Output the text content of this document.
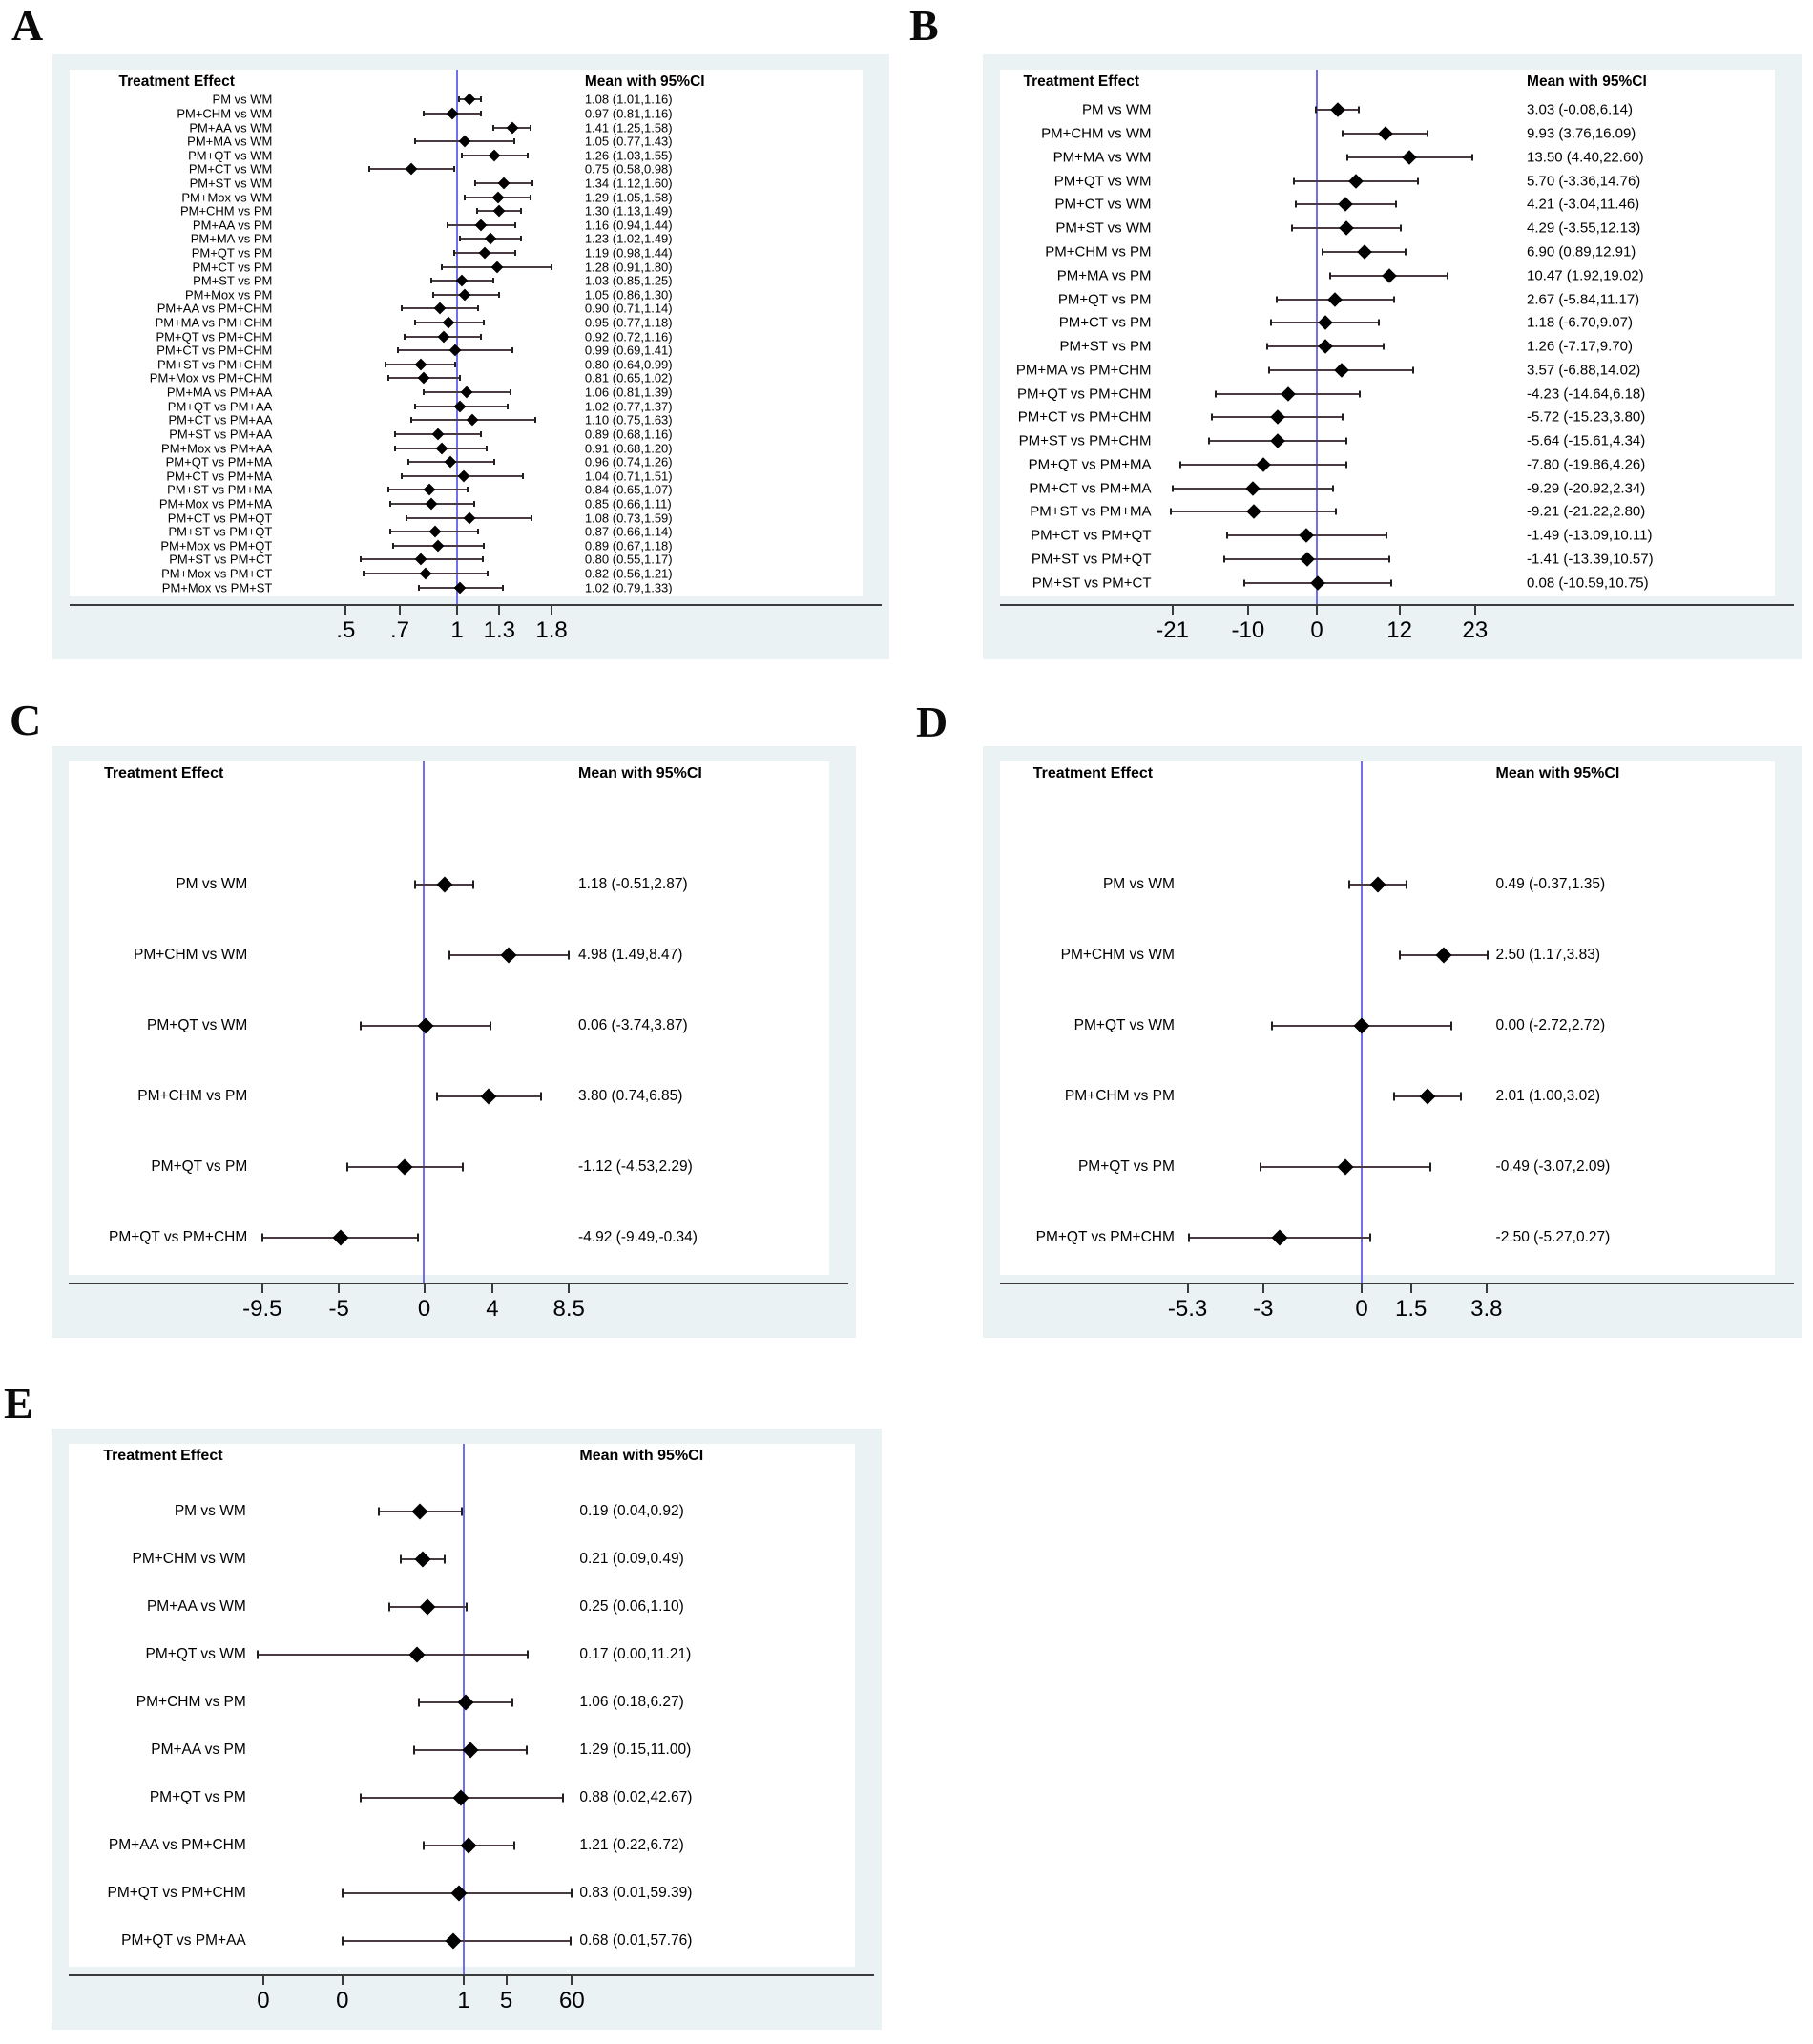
A	B
C	D
E
Treatment Effect	Mean with 95%CI
PM vs WM	1.08 (1.01,1.16)
PM+CHM vs WM	0.97 (0.81,1.16)
PM+AA vs WM	1.41 (1.25,1.58)
PM+MA vs WM	1.05 (0.77,1.43)
PM+QT vs WM	1.26 (1.03,1.55)
PM+CT vs WM	0.75 (0.58,0.98)
PM+ST vs WM	1.34 (1.12,1.60)
PM+Mox vs WM	1.29 (1.05,1.58)
PM+CHM vs PM	1.30 (1.13,1.49)
PM+AA vs PM	1.16 (0.94,1.44)
PM+MA vs PM	1.23 (1.02,1.49)
PM+QT vs PM	1.19 (0.98,1.44)
PM+CT vs PM	1.28 (0.91,1.80)
PM+ST vs PM	1.03 (0.85,1.25)
PM+Mox vs PM	1.05 (0.86,1.30)
PM+AA vs PM+CHM	0.90 (0.71,1.14)
PM+MA vs PM+CHM	0.95 (0.77,1.18)
PM+QT vs PM+CHM	0.92 (0.72,1.16)
PM+CT vs PM+CHM	0.99 (0.69,1.41)
PM+ST vs PM+CHM	0.80 (0.64,0.99)
PM+Mox vs PM+CHM	0.81 (0.65,1.02)
PM+MA vs PM+AA	1.06 (0.81,1.39)
PM+QT vs PM+AA	1.02 (0.77,1.37)
PM+CT vs PM+AA	1.10 (0.75,1.63)
PM+ST vs PM+AA	0.89 (0.68,1.16)
PM+Mox vs PM+AA	0.91 (0.68,1.20)
PM+QT vs PM+MA	0.96 (0.74,1.26)
PM+CT vs PM+MA	1.04 (0.71,1.51)
PM+ST vs PM+MA	0.84 (0.65,1.07)
PM+Mox vs PM+MA	0.85 (0.66,1.11)
PM+CT vs PM+QT	1.08 (0.73,1.59)
PM+ST vs PM+QT	0.87 (0.66,1.14)
PM+Mox vs PM+QT	0.89 (0.67,1.18)
PM+ST vs PM+CT	0.80 (0.55,1.17)
PM+Mox vs PM+CT	0.82 (0.56,1.21)
PM+Mox vs PM+ST	1.02 (0.79,1.33)
.5 .7 1 1.3 1.8
Treatment Effect	Mean with 95%CI
PM vs WM	3.03 (-0.08,6.14)
PM+CHM vs WM	9.93 (3.76,16.09)
PM+MA vs WM	13.50 (4.40,22.60)
PM+QT vs WM	5.70 (-3.36,14.76)
PM+CT vs WM	4.21 (-3.04,11.46)
PM+ST vs WM	4.29 (-3.55,12.13)
PM+CHM vs PM	6.90 (0.89,12.91)
PM+MA vs PM	10.47 (1.92,19.02)
PM+QT vs PM	2.67 (-5.84,11.17)
PM+CT vs PM	1.18 (-6.70,9.07)
PM+ST vs PM	1.26 (-7.17,9.70)
PM+MA vs PM+CHM	3.57 (-6.88,14.02)
PM+QT vs PM+CHM	-4.23 (-14.64,6.18)
PM+CT vs PM+CHM	-5.72 (-15.23,3.80)
PM+ST vs PM+CHM	-5.64 (-15.61,4.34)
PM+QT vs PM+MA	-7.80 (-19.86,4.26)
PM+CT vs PM+MA	-9.29 (-20.92,2.34)
PM+ST vs PM+MA	-9.21 (-21.22,2.80)
PM+CT vs PM+QT	-1.49 (-13.09,10.11)
PM+ST vs PM+QT	-1.41 (-13.39,10.57)
PM+ST vs PM+CT	0.08 (-10.59,10.75)
-21 -10 0	12 23
Treatment Effect	Mean with 95%CI
PM vs WM	1.18 (-0.51,2.87)
PM+CHM vs WM	4.98 (1.49,8.47)
PM+QT vs WM	0.06 (-3.74,3.87)
PM+CHM vs PM	3.80 (0.74,6.85)
PM+QT vs PM	-1.12 (-4.53,2.29)
PM+QT vs PM+CHM	-4.92 (-9.49,-0.34)
-9.5 -5	0 4 8.5
Treatment Effect	Mean with 95%CI
PM vs WM	0.49 (-0.37,1.35)
PM+CHM vs WM	2.50 (1.17,3.83)
PM+QT vs WM	0.00 (-2.72,2.72)
PM+CHM vs PM	2.01 (1.00,3.02)
PM+QT vs PM	-0.49 (-3.07,2.09)
PM+QT vs PM+CHM	-2.50 (-5.27,0.27)
-5.3 -3	0 1.5 3.8
Treatment Effect	Mean with 95%CI
PM vs WM	0.19 (0.04,0.92)
PM+CHM vs WM	0.21 (0.09,0.49)
PM+AA vs WM	0.25 (0.06,1.10)
PM+QT vs WM	0.17 (0.00,11.21)
PM+CHM vs PM	1.06 (0.18,6.27)
PM+AA vs PM	1.29 (0.15,11.00)
PM+QT vs PM	0.88 (0.02,42.67)
PM+AA vs PM+CHM	1.21 (0.22,6.72)
PM+QT vs PM+CHM	0.83 (0.01,59.39)
PM+QT vs PM+AA	0.68 (0.01,57.76)
0	0	1 5 60
